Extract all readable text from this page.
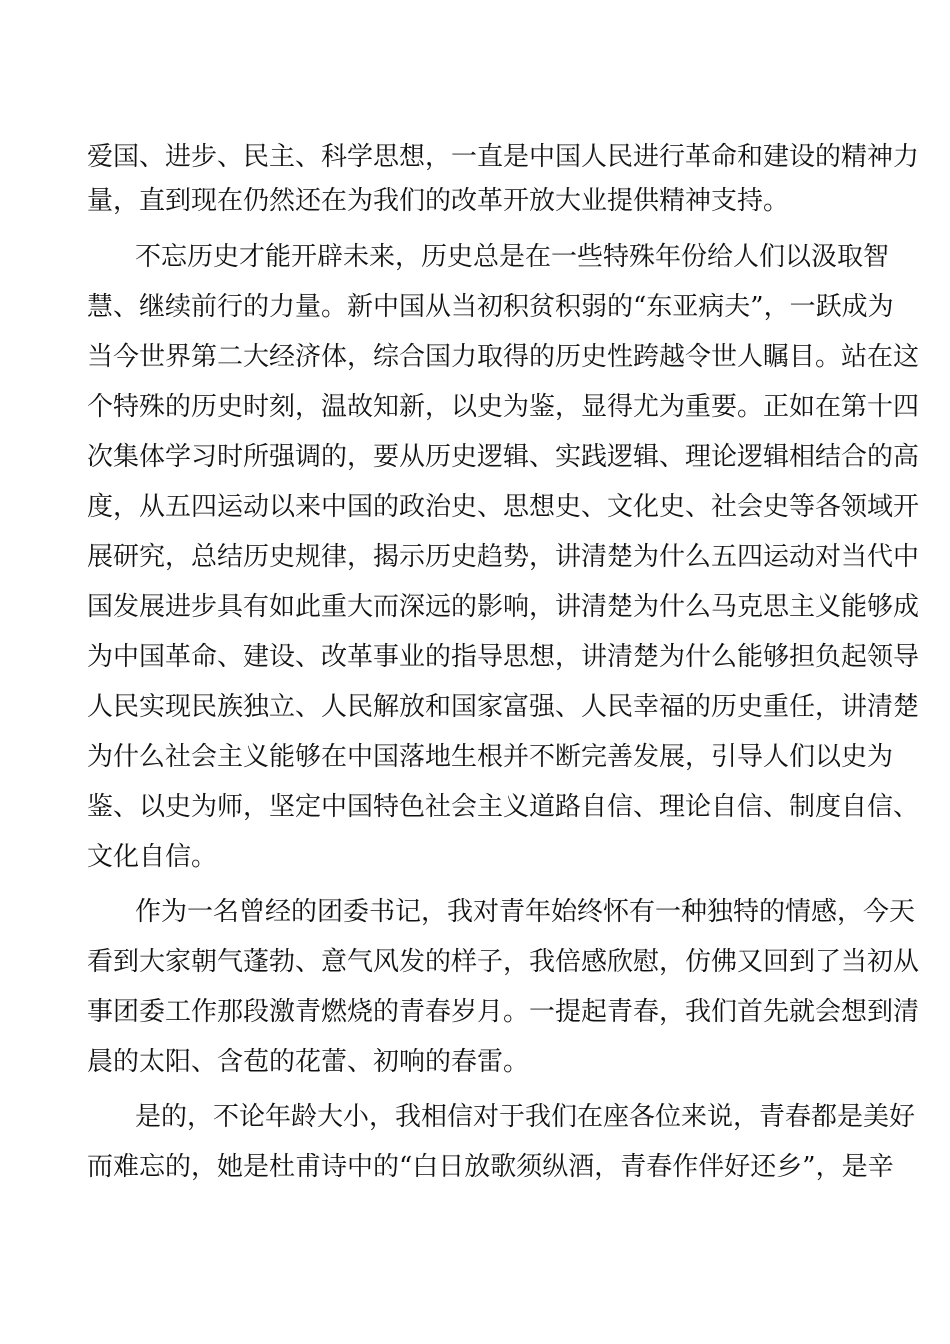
爱国、进步、民主、科学思想，一直是中国人民进行革命和建设的精神力
量，直到现在仍然还在为我们的改革开放大业提供精神支持。
不忘历史才能开辟未来，历史总是在一些特殊年份给人们以汲取智
慧、继续前行的力量。新中国从当初积贫积弱的“东亚病夫”，一跃成为
当今世界第二大经济体，综合国力取得的历史性跨越令世人瞩目。站在这
个特殊的历史时刻，温故知新，以史为鉴，显得尤为重要。正如在第十四
次集体学习时所强调的，要从历史逻辑、实践逻辑、理论逻辑相结合的高
度，从五四运动以来中国的政治史、思想史、文化史、社会史等各领域开
展研究，总结历史规律，揭示历史趋势，讲清楚为什么五四运动对当代中
国发展进步具有如此重大而深远的影响，讲清楚为什么马克思主义能够成
为中国革命、建设、改革事业的指导思想，讲清楚为什么能够担负起领导
人民实现民族独立、人民解放和国家富强、人民幸福的历史重任，讲清楚
为什么社会主义能够在中国落地生根并不断完善发展，引导人们以史为
鉴、以史为师，坚定中国特色社会主义道路自信、理论自信、制度自信、
文化自信。
作为一名曾经的团委书记，我对青年始终怀有一种独特的情感，今天
看到大家朝气蓬勃、意气风发的样子，我倍感欣慰，仿佛又回到了当初从
事团委工作那段激青燃烧的青春岁月。一提起青春，我们首先就会想到清
晨的太阳、含苞的花蕾、初响的春雷。
是的，不论年龄大小，我相信对于我们在座各位来说，青春都是美好
而难忘的，她是杜甫诗中的“白日放歌须纵酒，青春作伴好还乡”，是辛
